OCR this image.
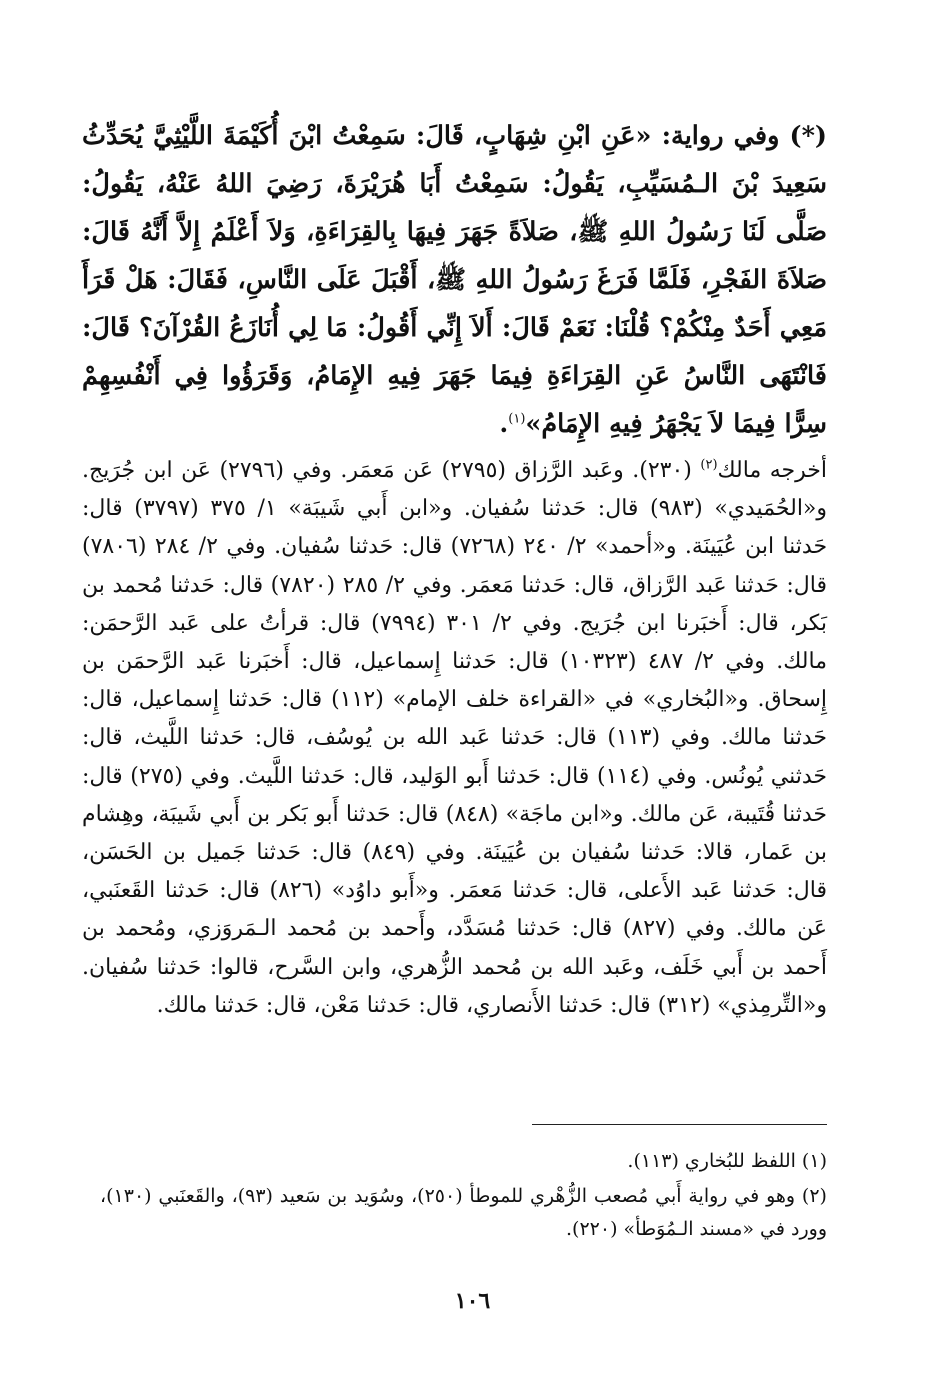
(*) وفي رواية: «عَنِ ابْنِ شِهَابٍ، قَالَ: سَمِعْتُ ابْنَ أُكَيْمَةَ اللَّيْثِيَّ يُحَدِّثُ سَعِيدَ بْنَ الـمُسَيِّبِ، يَقُولُ: سَمِعْتُ أَبَا هُرَيْرَةَ، رَضِيَ اللهُ عَنْهُ، يَقُولُ: صَلَّى لَنَا رَسُولُ اللهِ ﷺ، صَلاَةً جَهَرَ فِيهَا بِالقِرَاءَةِ، وَلاَ أَعْلَمُ إِلاَّ أَنَّهُ قَالَ: صَلاَةَ الفَجْرِ، فَلَمَّا فَرَغَ رَسُولُ اللهِ ﷺ، أَقْبَلَ عَلَى النَّاسِ، فَقَالَ: هَلْ قَرَأَ مَعِي أَحَدٌ مِنْكُمْ؟ قُلْنَا: نَعَمْ قَالَ: أَلاَ إِنِّي أَقُولُ: مَا لِي أُنَازَعُ القُرْآنَ؟ قَالَ: فَانْتَهَى النَّاسُ عَنِ القِرَاءَةِ فِيمَا جَهَرَ فِيهِ الإِمَامُ، وَقَرَؤُوا فِي أَنْفُسِهِمْ سِرًّا فِيمَا لاَ يَجْهَرُ فِيهِ الإِمَامُ»$^{(١)}$.

أخرجه مالك$^{(٢)}$ (٢٣٠). وعَبد الرَّزاق (٢٧٩٥) عَن مَعمَر. وفي (٢٧٩٦) عَن ابن جُرَيج. و«الحُمَيدي» (٩٨٣) قال: حَدثنا سُفيان. و«ابن أَبي شَيبَة» ١/ ٣٧٥ (٣٧٩٧) قال: حَدثنا ابن عُيَينَة. و«أحمد» ٢/ ٢٤٠ (٧٢٦٨) قال: حَدثنا سُفيان. وفي ٢/ ٢٨٤ (٧٨٠٦) قال: حَدثنا عَبد الرَّزاق، قال: حَدثنا مَعمَر. وفي ٢/ ٢٨٥ (٧٨٢٠) قال: حَدثنا مُحمد بن بَكر، قال: أَخبَرنا ابن جُرَيج. وفي ٢/ ٣٠١ (٧٩٩٤) قال: قرأتُ على عَبد الرَّحمَن: مالك. وفي ٢/ ٤٨٧ (١٠٣٢٣) قال: حَدثنا إِسماعيل، قال: أَخبَرنا عَبد الرَّحمَن بن إِسحاق. و«البُخاري» في «القراءة خلف الإمام» (١١٢) قال: حَدثنا إِسماعيل، قال: حَدثنا مالك. وفي (١١٣) قال: حَدثنا عَبد الله بن يُوسُف، قال: حَدثنا اللَّيث، قال: حَدثني يُونُس. وفي (١١٤) قال: حَدثنا أَبو الوَليد، قال: حَدثنا اللَّيث. وفي (٢٧٥) قال: حَدثنا قُتَيبة، عَن مالك. و«ابن ماجَة» (٨٤٨) قال: حَدثنا أَبو بَكر بن أَبي شَيبَة، وهِشام بن عَمار، قالا: حَدثنا سُفيان بن عُيَينَة. وفي (٨٤٩) قال: حَدثنا جَميل بن الحَسَن، قال: حَدثنا عَبد الأَعلى، قال: حَدثنا مَعمَر. و«أَبو داوُد» (٨٢٦) قال: حَدثنا القَعنَبي، عَن مالك. وفي (٨٢٧) قال: حَدثنا مُسَدَّد، وأَحمد بن مُحمد الـمَروَزي، ومُحمد بن أَحمد بن أَبي خَلَف، وعَبد الله بن مُحمد الزُّهري، وابن السَّرح، قالوا: حَدثنا سُفيان. و«التِّرمِذي» (٣١٢) قال: حَدثنا الأَنصاري، قال: حَدثنا مَعْن، قال: حَدثنا مالك.

(١) اللفظ للبُخاري (١١٣).

(٢) وهو في رواية أَبي مُصعب الزُّهْري للموطأ (٢٥٠)، وسُوَيد بن سَعيد (٩٣)، والقَعنَبي (١٣٠)، وورد في «مسند الـمُوَطأ» (٢٢٠).

١٠٦
